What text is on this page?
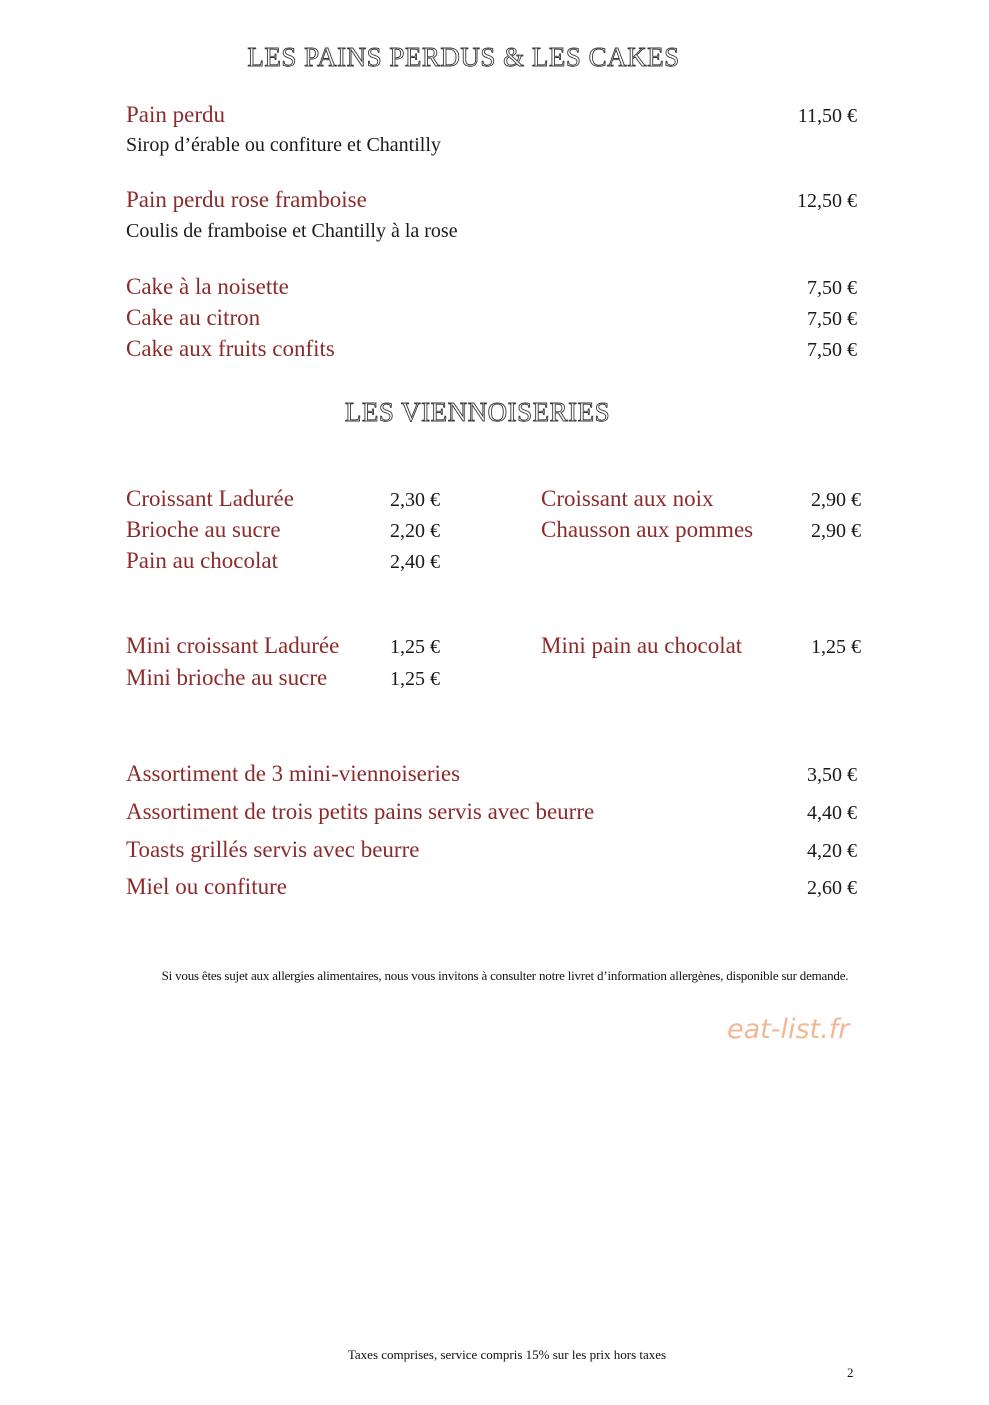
LES PAINS PERDUS & LES CAKES
Pain perdu	11,50 €
Sirop d’érable ou confiture et Chantilly
Pain perdu rose framboise	12,50 €
Coulis de framboise et Chantilly à la rose
Cake à la noisette	7,50 €
Cake au citron	7,50 €
Cake aux fruits confits	7,50 €
LES VIENNOISERIES
Croissant Ladurée	2,30 €
Brioche au sucre	2,20 €
Pain au chocolat	2,40 €
Croissant aux noix	2,90 €
Chausson aux pommes	2,90 €
Mini croissant Ladurée	1,25 €
Mini brioche au sucre	1,25 €
Mini pain au chocolat	1,25 €
Assortiment de 3 mini-viennoiseries	3,50 €
Assortiment de trois petits pains servis avec beurre	4,40 €
Toasts grillés servis avec beurre	4,20 €
Miel ou confiture	2,60 €
Si vous êtes sujet aux allergies alimentaires, nous vous invitons à consulter notre livret d’information allergènes, disponible sur demande.
eat-list.fr
Taxes comprises, service compris 15% sur les prix hors taxes
2
